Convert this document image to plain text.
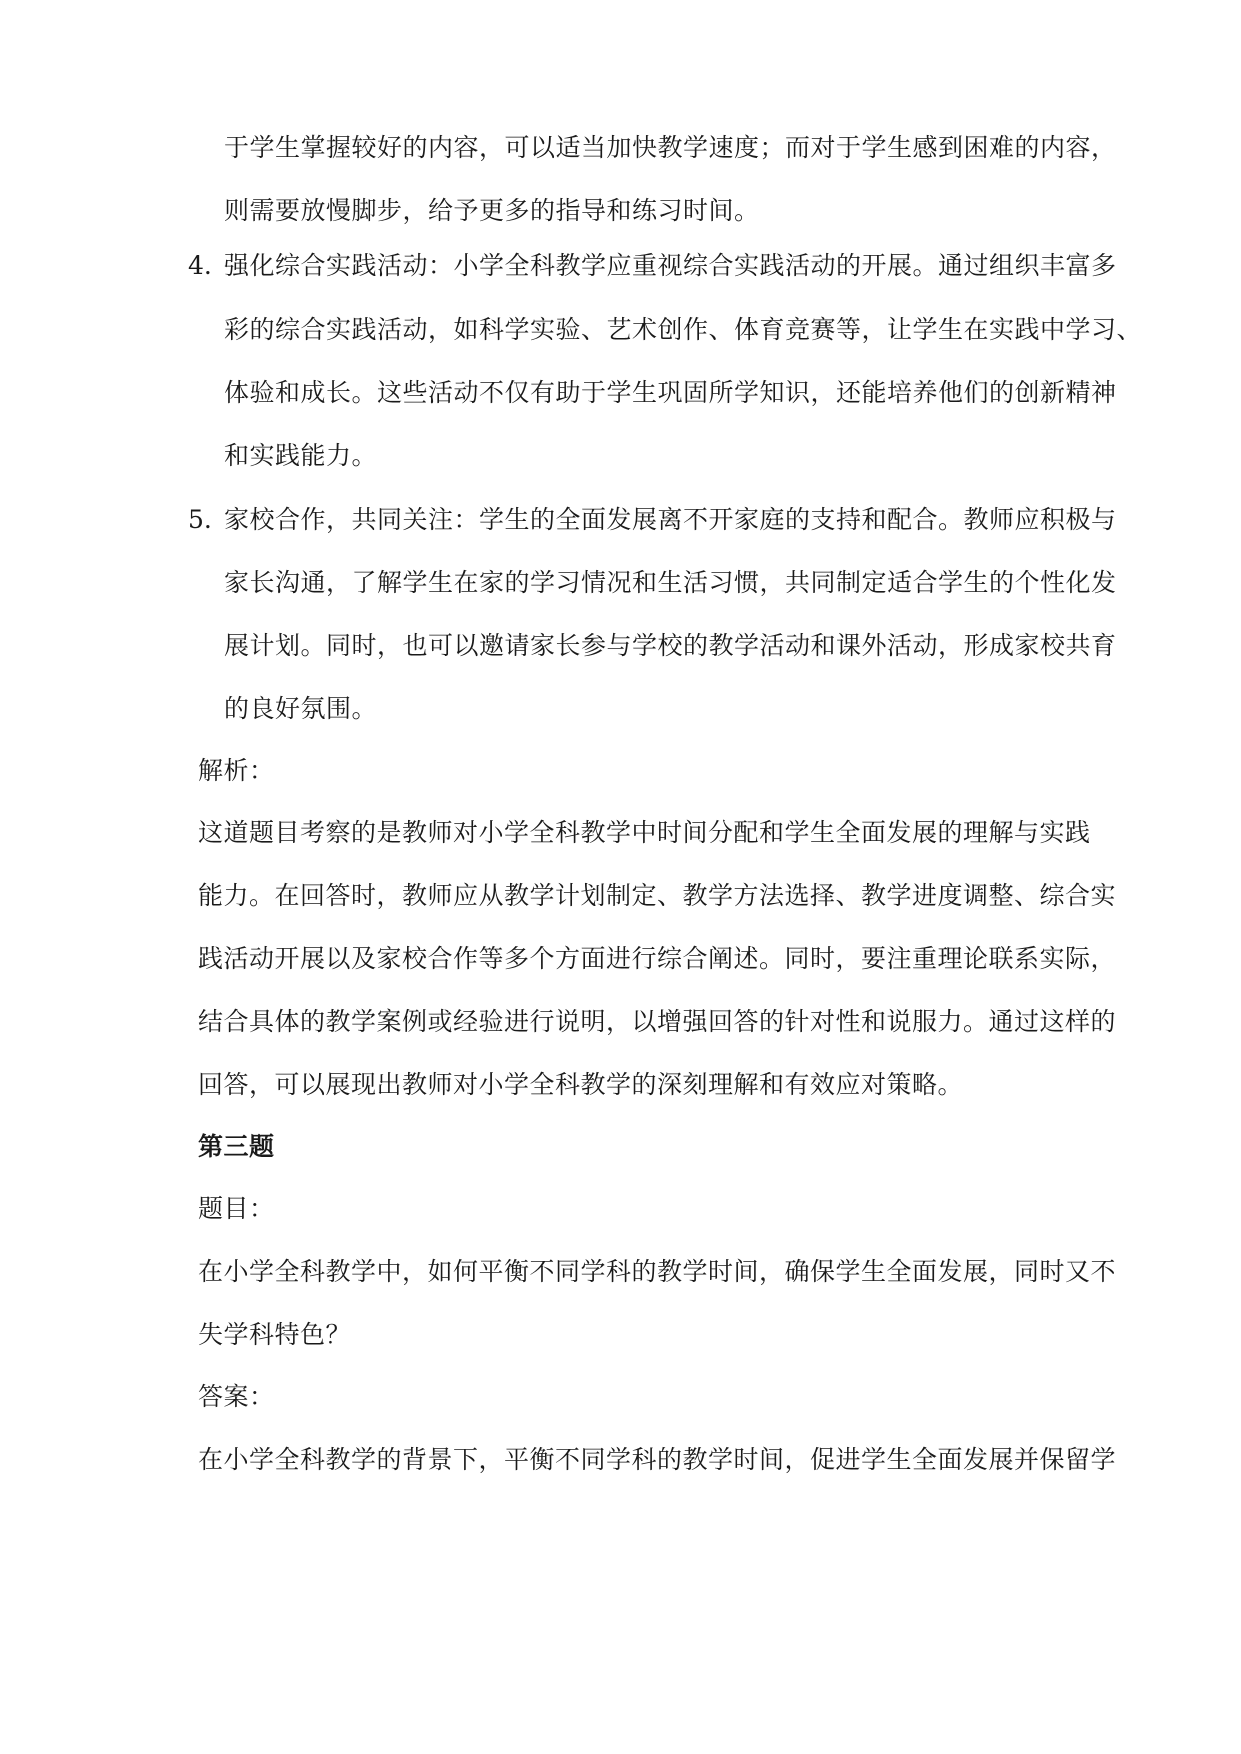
于学生掌握较好的内容，可以适当加快教学速度；而对于学生感到困难的内容，
则需要放慢脚步，给予更多的指导和练习时间。
4. 强化综合实践活动：小学全科教学应重视综合实践活动的开展。通过组织丰富多
彩的综合实践活动，如科学实验、艺术创作、体育竞赛等，让学生在实践中学习、
体验和成长。这些活动不仅有助于学生巩固所学知识，还能培养他们的创新精神
和实践能力。
5. 家校合作，共同关注：学生的全面发展离不开家庭的支持和配合。教师应积极与
家长沟通，了解学生在家的学习情况和生活习惯，共同制定适合学生的个性化发
展计划。同时，也可以邀请家长参与学校的教学活动和课外活动，形成家校共育
的良好氛围。
解析：
这道题目考察的是教师对小学全科教学中时间分配和学生全面发展的理解与实践
能力。在回答时，教师应从教学计划制定、教学方法选择、教学进度调整、综合实
践活动开展以及家校合作等多个方面进行综合阐述。同时，要注重理论联系实际，
结合具体的教学案例或经验进行说明，以增强回答的针对性和说服力。通过这样的
回答，可以展现出教师对小学全科教学的深刻理解和有效应对策略。
第三题
题目：
在小学全科教学中，如何平衡不同学科的教学时间，确保学生全面发展，同时又不
失学科特色？
答案：
在小学全科教学的背景下，平衡不同学科的教学时间，促进学生全面发展并保留学
